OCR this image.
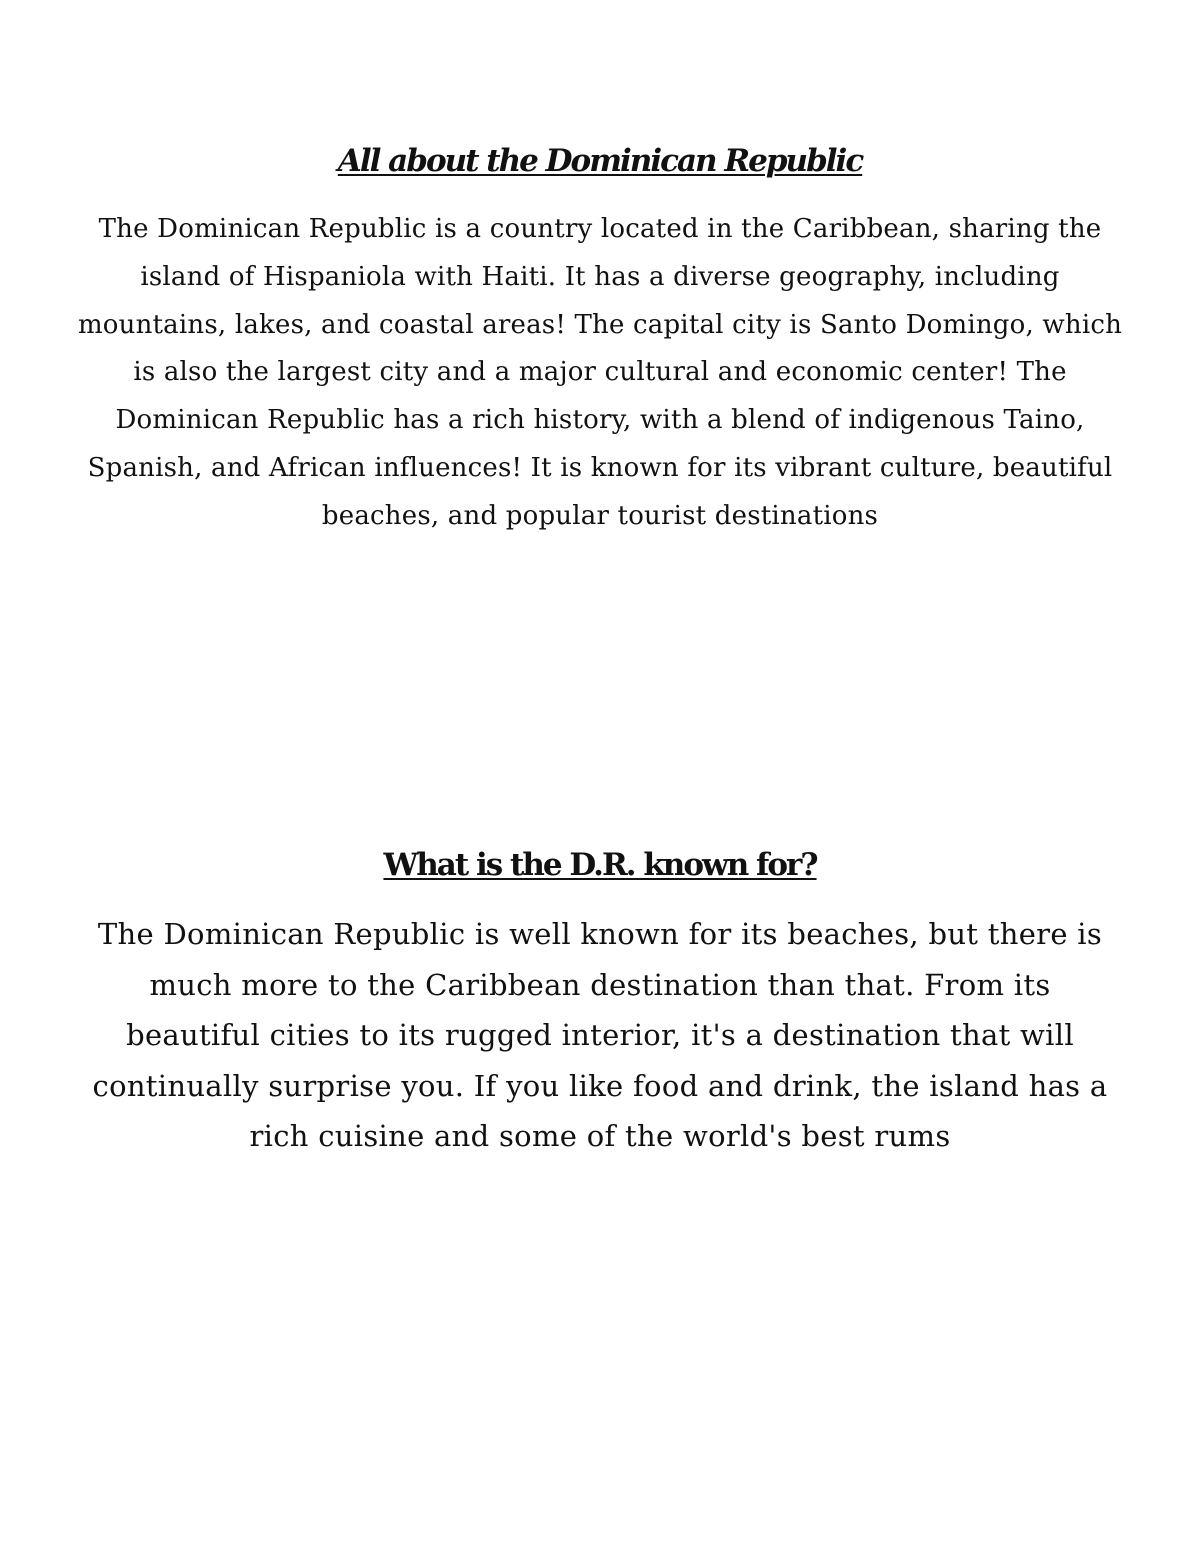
All about the Dominican Republic

The Dominican Republic is a country located in the Caribbean, sharing the island of Hispaniola with Haiti. It has a diverse geography, including mountains, lakes, and coastal areas! The capital city is Santo Domingo, which is also the largest city and a major cultural and economic center! The Dominican Republic has a rich history, with a blend of indigenous Taino, Spanish, and African influences! It is known for its vibrant culture, beautiful beaches, and popular tourist destinations

What is the D.R. known for?

The Dominican Republic is well known for its beaches, but there is much more to the Caribbean destination than that. From its beautiful cities to its rugged interior, it's a destination that will continually surprise you. If you like food and drink, the island has a rich cuisine and some of the world's best rums
